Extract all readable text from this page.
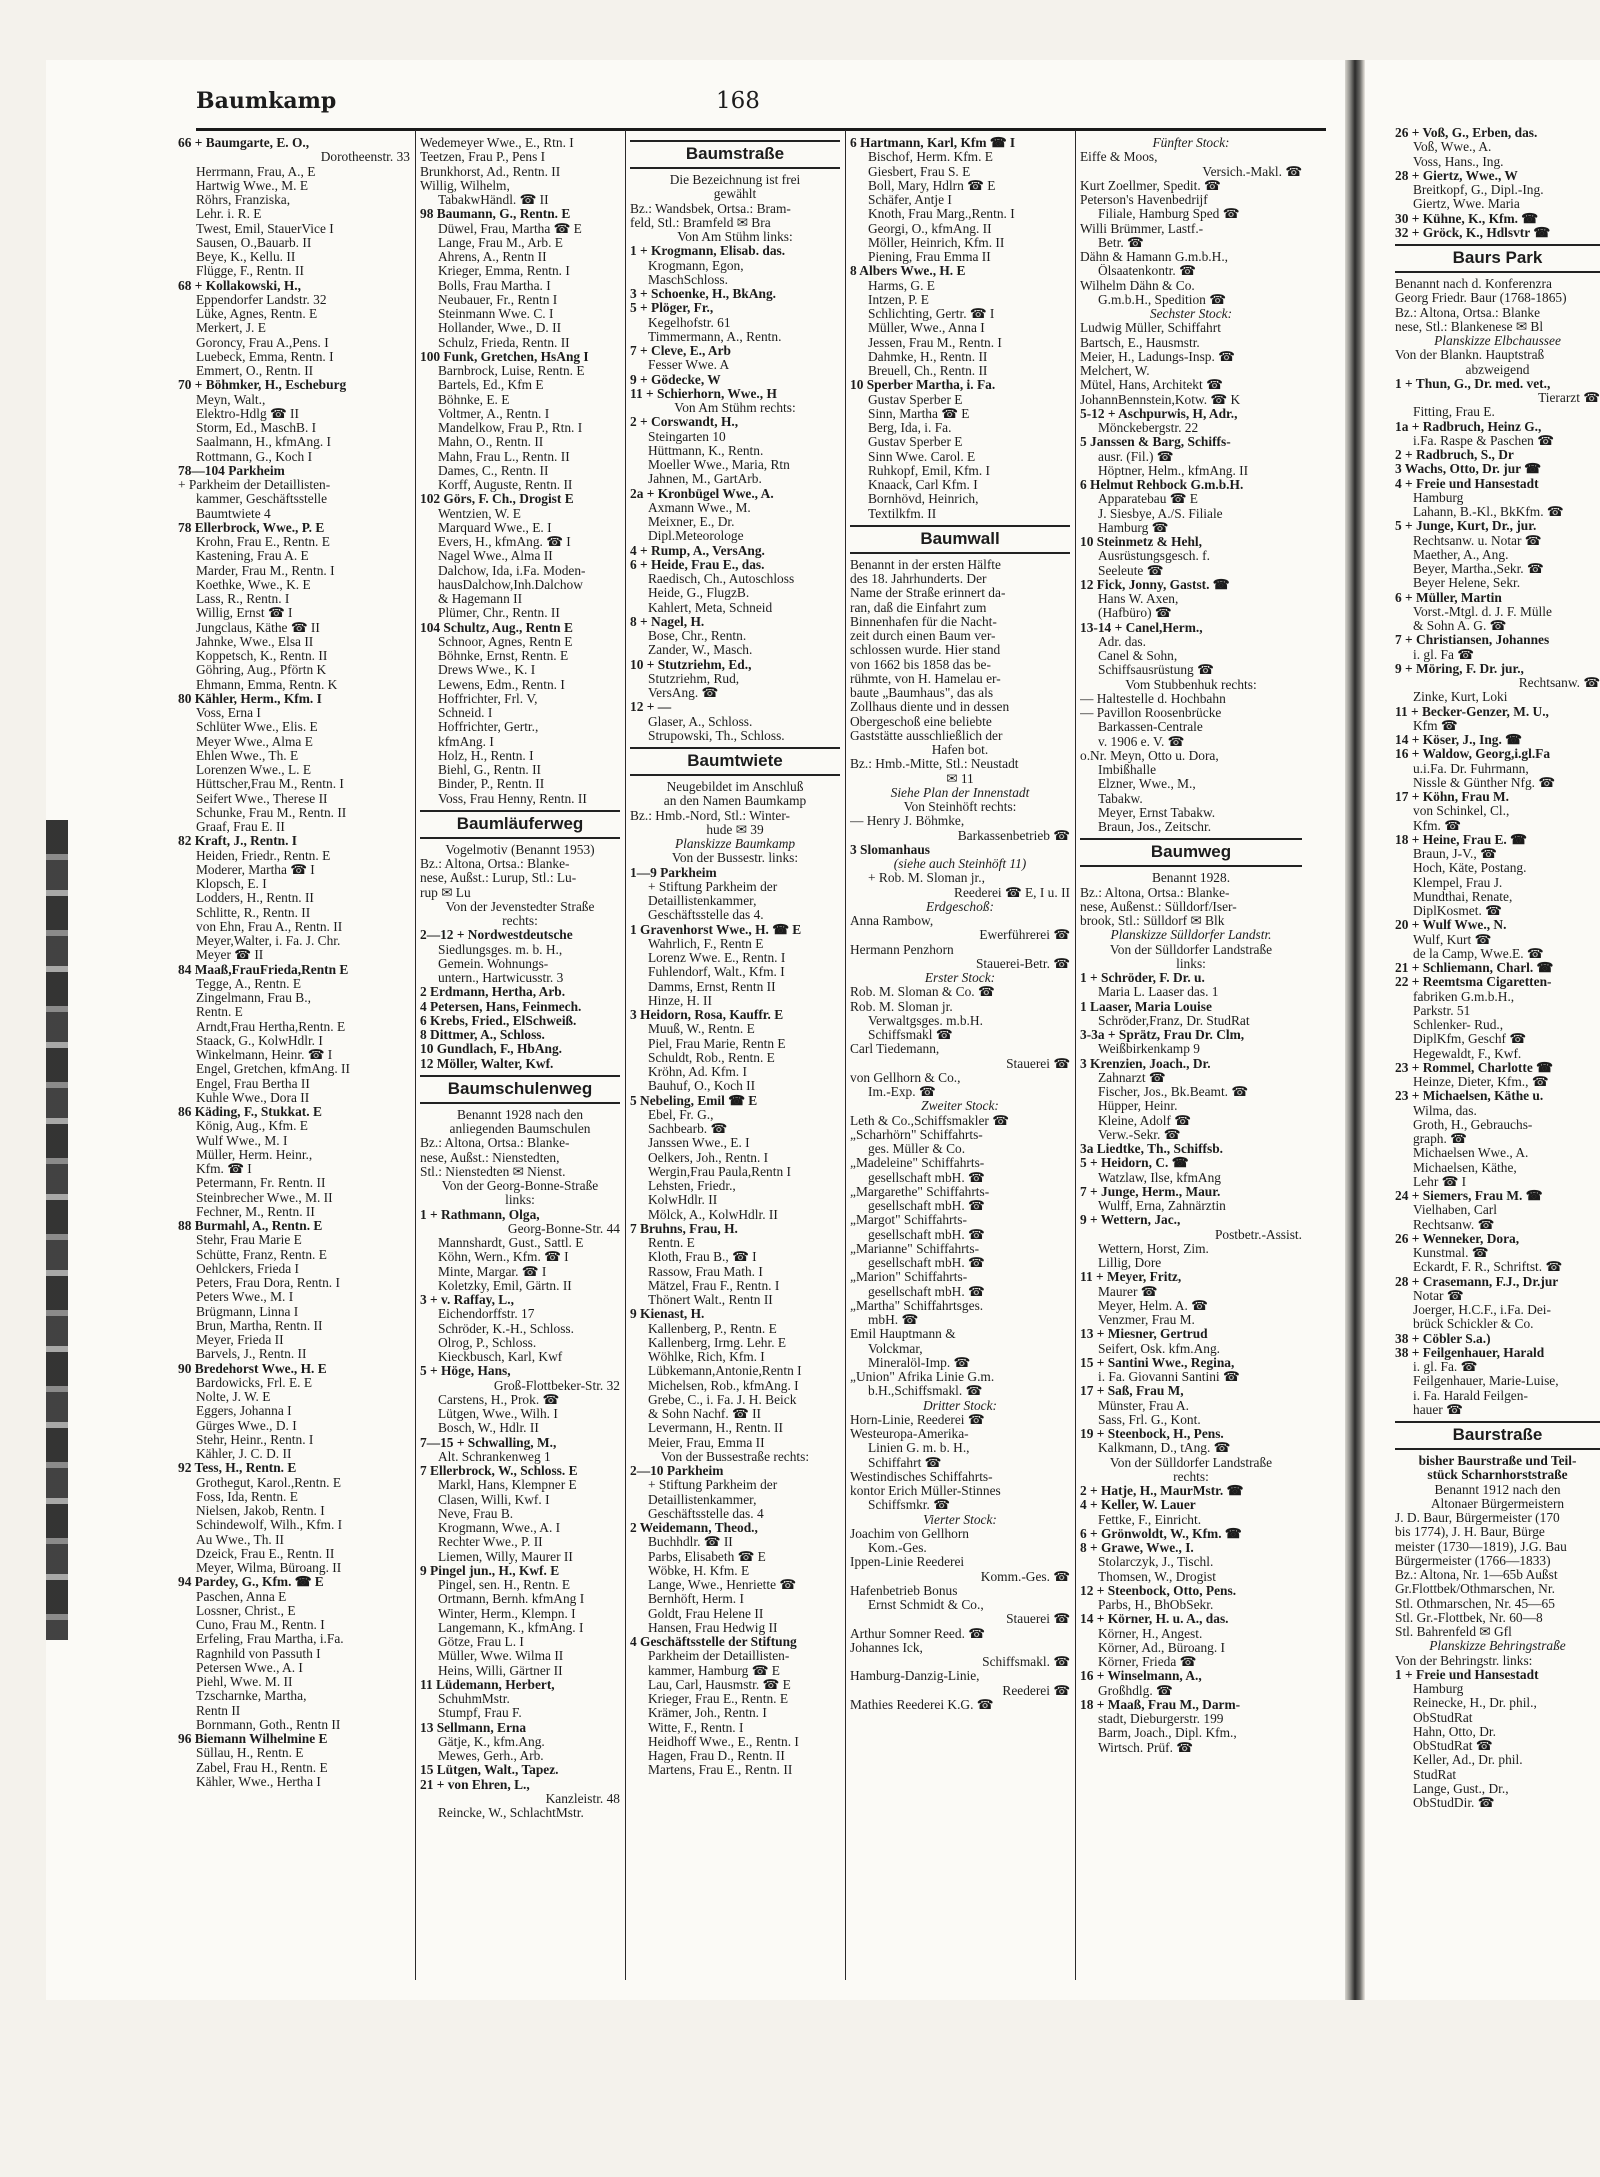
Baumkamp	168
66 + Baumgarte, E. O.,
Dorotheenstr. 33
Herrmann, Frau, A., E
Hartwig Wwe., M. E
Röhrs, Franziska,
Lehr. i. R. E
Twest, Emil, StauerVice I
Sausen, O.,Bauarb. II
Beye, K., Kellu. II
Flügge, F., Rentn. II
68 + Kollakowski, H.,
Eppendorfer Landstr. 32
Lüke, Agnes, Rentn. E
Merkert, J. E
Goroncy, Frau A.,Pens. I
Luebeck, Emma, Rentn. I
Emmert, O., Rentn. II
70 + Böhmker, H., Escheburg
Meyn, Walt.,
Elektro-Hdlg ☎ II
Storm, Ed., MaschB. I
Saalmann, H., kfmAng. I
Rottmann, G., Koch I
78—104 Parkheim
+ Parkheim der Detaillisten-
kammer, Geschäftsstelle
Baumtwiete 4
78 Ellerbrock, Wwe., P. E
Krohn, Frau E., Rentn. E
Kastening, Frau A. E
Marder, Frau M., Rentn. I
Koethke, Wwe., K. E
Lass, R., Rentn. I
Willig, Ernst ☎ I
Jungclaus, Käthe ☎ II
Jahnke, Wwe., Elsa II
Koppetsch, K., Rentn. II
Göhring, Aug., Pförtn K
Ehmann, Emma, Rentn. K
80 Kähler, Herm., Kfm. I
Voss, Erna I
Schlüter Wwe., Elis. E
Meyer Wwe., Alma E
Ehlen Wwe., Th. E
Lorenzen Wwe., L. E
Hüttscher,Frau M., Rentn. I
Seifert Wwe., Therese II
Schunke, Frau M., Rentn. II
Graaf, Frau E. II
82 Kraft, J., Rentn. I
Heiden, Friedr., Rentn. E
Moderer, Martha ☎ I
Klopsch, E. I
Lodders, H., Rentn. II
Schlitte, R., Rentn. II
von Ehn, Frau A., Rentn. II
Meyer,Walter, i. Fa. J. Chr.
Meyer ☎ II
84 Maaß,FrauFrieda,Rentn E
Tegge, A., Rentn. E
Zingelmann, Frau B.,
Rentn. E
Arndt,Frau Hertha,Rentn. E
Staack, G., KolwHdlr. I
Winkelmann, Heinr. ☎ I
Engel, Gretchen, kfmAng. II
Engel, Frau Bertha II
Kuhle Wwe., Dora II
86 Käding, F., Stukkat. E
König, Aug., Kfm. E
Wulf Wwe., M. I
Müller, Herm. Heinr.,
Kfm. ☎ I
Petermann, Fr. Rentn. II
Steinbrecher Wwe., M. II
Fechner, M., Rentn. II
88 Burmahl, A., Rentn. E
Stehr, Frau Marie E
Schütte, Franz, Rentn. E
Oehlckers, Frieda I
Peters, Frau Dora, Rentn. I
Peters Wwe., M. I
Brügmann, Linna I
Brun, Martha, Rentn. II
Meyer, Frieda II
Barvels, J., Rentn. II
90 Bredehorst Wwe., H. E
Bardowicks, Frl. E. E
Nolte, J. W. E
Eggers, Johanna I
Gürges Wwe., D. I
Stehr, Heinr., Rentn. I
Kähler, J. C. D. II
92 Tess, H., Rentn. E
Grothegut, Karol.,Rentn. E
Foss, Ida, Rentn. E
Nielsen, Jakob, Rentn. I
Schindewolf, Wilh., Kfm. I
Au Wwe., Th. II
Dzeick, Frau E., Rentn. II
Meyer, Wilma, Büroang. II
94 Pardey, G., Kfm. ☎ E
Paschen, Anna E
Lossner, Christ., E
Cuno, Frau M., Rentn. I
Erfeling, Frau Martha, i.Fa.
Ragnhild von Passuth I
Petersen Wwe., A. I
Piehl, Wwe. M. II
Tzscharnke, Martha,
Rentn II
Bornmann, Goth., Rentn II
96 Biemann Wilhelmine E
Süllau, H., Rentn. E
Zabel, Frau H., Rentn. E
Kähler, Wwe., Hertha I
Wedemeyer Wwe., E., Rtn. I
Teetzen, Frau P., Pens I
Brunkhorst, Ad., Rentn. II
Willig, Wilhelm,
TabakwHändl. ☎ II
98 Baumann, G., Rentn. E
Düwel, Frau, Martha ☎ E
Lange, Frau M., Arb. E
Ahrens, A., Rentn II
Krieger, Emma, Rentn. I
Bolls, Frau Martha. I
Neubauer, Fr., Rentn I
Steinmann Wwe. C. I
Hollander, Wwe., D. II
Schulz, Frieda, Rentn. II
100 Funk, Gretchen, HsAng I
Barnbrock, Luise, Rentn. E
Bartels, Ed., Kfm E
Böhnke, E. E
Voltmer, A., Rentn. I
Mandelkow, Frau P., Rtn. I
Mahn, O., Rentn. II
Mahn, Frau L., Rentn. II
Dames, C., Rentn. II
Korff, Auguste, Rentn. II
102 Görs, F. Ch., Drogist E
Wentzien, W. E
Marquard Wwe., E. I
Evers, H., kfmAng. ☎ I
Nagel Wwe., Alma II
Dalchow, Ida, i.Fa. Moden-
hausDalchow,Inh.Dalchow
& Hagemann II
Plümer, Chr., Rentn. II
104 Schultz, Aug., Rentn E
Schnoor, Agnes, Rentn E
Böhnke, Ernst, Rentn. E
Drews Wwe., K. I
Lewens, Edm., Rentn. I
Hoffrichter, Frl. V,
Schneid. I
Hoffrichter, Gertr.,
kfmAng. I
Holz, H., Rentn. I
Biehl, G., Rentn. II
Binder, P., Rentn. II
Voss, Frau Henny, Rentn. II
Baumläuferweg
Vogelmotiv (Benannt 1953)
Bz.: Altona, Ortsa.: Blanke-
nese, Außst.: Lurup, Stl.: Lu-
rup ✉ Lu
Von der Jevenstedter Straße
rechts:
2—12 + Nordwestdeutsche
Siedlungsges. m. b. H.,
Gemein. Wohnungs-
untern., Hartwicusstr. 3
2 Erdmann, Hertha, Arb.
4 Petersen, Hans, Feinmech.
6 Krebs, Fried., ElSchweiß.
8 Dittmer, A., Schloss.
10 Gundlach, F., HbAng.
12 Möller, Walter, Kwf.
Baumschulenweg
Benannt 1928 nach den
anliegenden Baumschulen
Bz.: Altona, Ortsa.: Blanke-
nese, Außst.: Nienstedten,
Stl.: Nienstedten ✉ Nienst.
Von der Georg-Bonne-Straße
links:
1 + Rathmann, Olga,
Georg-Bonne-Str. 44
Mannshardt, Gust., Sattl. E
Köhn, Wern., Kfm. ☎ I
Minte, Margar. ☎ I
Koletzky, Emil, Gärtn. II
3 + v. Raffay, L.,
Eichendorffstr. 17
Schröder, K.-H., Schloss.
Olrog, P., Schloss.
Kieckbusch, Karl, Kwf
5 + Höge, Hans,
Groß-Flottbeker-Str. 32
Carstens, H., Prok. ☎
Lütgen, Wwe., Wilh. I
Bosch, W., Hdlr. II
7—15 + Schwalling, M.,
Alt. Schrankenweg 1
7 Ellerbrock, W., Schloss. E
Markl, Hans, Klempner E
Clasen, Willi, Kwf. I
Neve, Frau B.
Krogmann, Wwe., A. I
Rechter Wwe., P. II
Liemen, Willy, Maurer II
9 Pingel jun., H., Kwf. E
Pingel, sen. H., Rentn. E
Ortmann, Bernh. kfmAng I
Winter, Herm., Klempn. I
Langemann, K., kfmAng. I
Götze, Frau L. I
Müller, Wwe. Wilma II
Heins, Willi, Gärtner II
11 Lüdemann, Herbert,
SchuhmMstr.
Stumpf, Frau F.
13 Sellmann, Erna
Gätje, K., kfm.Ang.
Mewes, Gerh., Arb.
15 Lütgen, Walt., Tapez.
21 + von Ehren, L.,
Kanzleistr. 48
Reincke, W., SchlachtMstr.
Baumstraße
Die Bezeichnung ist frei
gewählt
Bz.: Wandsbek, Ortsa.: Bram-
feld, Stl.: Bramfeld ✉ Bra
Von Am Stühm links:
1 + Krogmann, Elisab. das.
Krogmann, Egon,
MaschSchloss.
3 + Schoenke, H., BkAng.
5 + Plöger, Fr.,
Kegelhofstr. 61
Timmermann, A., Rentn.
7 + Cleve, E., Arb
Fesser Wwe. A
9 + Gödecke, W
11 + Schierhorn, Wwe., H
Von Am Stühm rechts:
2 + Corswandt, H.,
Steingarten 10
Hüttmann, K., Rentn.
Moeller Wwe., Maria, Rtn
Jahnen, M., GartArb.
2a + Kronbügel Wwe., A.
Axmann Wwe., M.
Meixner, E., Dr.
Dipl.Meteorologe
4 + Rump, A., VersAng.
6 + Heide, Frau E., das.
Raedisch, Ch., Autoschloss
Heide, G., FlugzB.
Kahlert, Meta, Schneid
8 + Nagel, H.
Bose, Chr., Rentn.
Zander, W., Masch.
10 + Stutzriehm, Ed.,
Stutzriehm, Rud,
VersAng. ☎
12 + —
Glaser, A., Schloss.
Strupowski, Th., Schloss.
Baumtwiete
Neugebildet im Anschluß
an den Namen Baumkamp
Bz.: Hmb.-Nord, Stl.: Winter-
hude ✉ 39
Planskizze Baumkamp
Von der Bussestr. links:
1—9 Parkheim
+ Stiftung Parkheim der
Detaillistenkammer,
Geschäftsstelle das 4.
1 Gravenhorst Wwe., H. ☎ E
Wahrlich, F., Rentn E
Lorenz Wwe. E., Rentn. I
Fuhlendorf, Walt., Kfm. I
Damms, Ernst, Rentn II
Hinze, H. II
3 Heidorn, Rosa, Kauffr. E
Muuß, W., Rentn. E
Piel, Frau Marie, Rentn E
Schuldt, Rob., Rentn. E
Kröhn, Ad. Kfm. I
Bauhuf, O., Koch II
5 Nebeling, Emil ☎ E
Ebel, Fr. G.,
Sachbearb. ☎
Janssen Wwe., E. I
Oelkers, Joh., Rentn. I
Wergin,Frau Paula,Rentn I
Lehsten, Friedr.,
KolwHdlr. II
Mölck, A., KolwHdlr. II
7 Bruhns, Frau, H.
Rentn. E
Kloth, Frau B., ☎ I
Rassow, Frau Math. I
Mätzel, Frau F., Rentn. I
Thönert Walt., Rentn II
9 Kienast, H.
Kallenberg, P., Rentn. E
Kallenberg, Irmg. Lehr. E
Wöhlke, Rich, Kfm. I
Lübkemann,Antonie,Rentn I
Michelsen, Rob., kfmAng. I
Grebe, C., i. Fa. J. H. Beick
& Sohn Nachf. ☎ II
Levermann, H., Rentn. II
Meier, Frau, Emma II
Von der Bussestraße rechts:
2—10 Parkheim
+ Stiftung Parkheim der
Detaillistenkammer,
Geschäftsstelle das. 4
2 Weidemann, Theod.,
Buchhdlr. ☎ II
Parbs, Elisabeth ☎ E
Wöbke, H. Kfm. E
Lange, Wwe., Henriette ☎
Bernhöft, Herm. I
Goldt, Frau Helene II
Hansen, Frau Hedwig II
4 Geschäftsstelle der Stiftung
Parkheim der Detaillisten-
kammer, Hamburg ☎ E
Lau, Carl, Hausmstr. ☎ E
Krieger, Frau E., Rentn. E
Krämer, Joh., Rentn. I
Witte, F., Rentn. I
Heidhoff Wwe., E., Rentn. I
Hagen, Frau D., Rentn. II
Martens, Frau E., Rentn. II
6 Hartmann, Karl, Kfm ☎ I
Bischof, Herm. Kfm. E
Giesbert, Frau S. E
Boll, Mary, Hdlrn ☎ E
Schäfer, Antje I
Knoth, Frau Marg.,Rentn. I
Georgi, O., kfmAng. II
Möller, Heinrich, Kfm. II
Piening, Frau Emma II
8 Albers Wwe., H. E
Harms, G. E
Intzen, P. E
Schlichting, Gertr. ☎ I
Müller, Wwe., Anna I
Jessen, Frau M., Rentn. I
Dahmke, H., Rentn. II
Breuell, Ch., Rentn. II
10 Sperber Martha, i. Fa.
Gustav Sperber E
Sinn, Martha ☎ E
Berg, Ida, i. Fa.
Gustav Sperber E
Sinn Wwe. Carol. E
Ruhkopf, Emil, Kfm. I
Knaack, Carl Kfm. I
Bornhövd, Heinrich,
Textilkfm. II
Baumwall
Benannt in der ersten Hälfte
des 18. Jahrhunderts. Der
Name der Straße erinnert da-
ran, daß die Einfahrt zum
Binnenhafen für die Nacht-
zeit durch einen Baum ver-
schlossen wurde. Hier stand
von 1662 bis 1858 das be-
rühmte, von H. Hamelau er-
baute „Baumhaus", das als
Zollhaus diente und in dessen
Obergeschoß eine beliebte
Gaststätte ausschließlich der
Hafen bot.
Bz.: Hmb.-Mitte, Stl.: Neustadt
✉ 11
Siehe Plan der Innenstadt
Von Steinhöft rechts:
— Henry J. Böhmke,
Barkassenbetrieb ☎
3 Slomanhaus
(siehe auch Steinhöft 11)
+ Rob. M. Sloman jr.,
Reederei ☎ E, I u. II
Erdgeschoß:
Anna Rambow,
Ewerführerei ☎
Hermann Penzhorn
Stauerei-Betr. ☎
Erster Stock:
Rob. M. Sloman & Co. ☎
Rob. M. Sloman jr.
Verwaltgsges. m.b.H.
Schiffsmakl ☎
Carl Tiedemann,
Stauerei ☎
von Gellhorn & Co.,
Im.-Exp. ☎
Zweiter Stock:
Leth & Co.,Schiffsmakler ☎
„Scharhörn" Schiffahrts-
ges. Müller & Co.
„Madeleine" Schiffahrts-
gesellschaft mbH. ☎
„Margarethe" Schiffahrts-
gesellschaft mbH. ☎
„Margot" Schiffahrts-
gesellschaft mbH. ☎
„Marianne" Schiffahrts-
gesellschaft mbH. ☎
„Marion" Schiffahrts-
gesellschaft mbH. ☎
„Martha" Schiffahrtsges.
mbH. ☎
Emil Hauptmann &
Volckmar,
Mineralöl-Imp. ☎
„Union" Afrika Linie G.m.
b.H.,Schiffsmakl. ☎
Dritter Stock:
Horn-Linie, Reederei ☎
Westeuropa-Amerika-
Linien G. m. b. H.,
Schiffahrt ☎
Westindisches Schiffahrts-
kontor Erich Müller-Stinnes
Schiffsmkr. ☎
Vierter Stock:
Joachim von Gellhorn
Kom.-Ges.
Ippen-Linie Reederei
Komm.-Ges. ☎
Hafenbetrieb Bonus
Ernst Schmidt & Co.,
Stauerei ☎
Arthur Somner Reed. ☎
Johannes Ick,
Schiffsmakl. ☎
Hamburg-Danzig-Linie,
Reederei ☎
Mathies Reederei K.G. ☎
Fünfter Stock:
Eiffe & Moos,
Versich.-Makl. ☎
Kurt Zoellmer, Spedit. ☎
Peterson's Havenbedrijf
Filiale, Hamburg Sped ☎
Willi Brümmer, Lastf.-
Betr. ☎
Dähn & Hamann G.m.b.H.,
Ölsaatenkontr. ☎
Wilhelm Dähn & Co.
G.m.b.H., Spedition ☎
Sechster Stock:
Ludwig Müller, Schiffahrt
Bartsch, E., Hausmstr.
Meier, H., Ladungs-Insp. ☎
Melchert, W.
Mütel, Hans, Architekt ☎
JohannBennstein,Kotw. ☎ K
5-12 + Aschpurwis, H, Adr.,
Mönckebergstr. 22
5 Janssen & Barg, Schiffs-
ausr. (Fil.) ☎
Höptner, Helm., kfmAng. II
6 Helmut Rehbock G.m.b.H.
Apparatebau ☎ E
J. Siesbye, A./S. Filiale
Hamburg ☎
10 Steinmetz & Hehl,
Ausrüstungsgesch. f.
Seeleute ☎
12 Fick, Jonny, Gastst. ☎
Hans W. Axen,
(Hafbüro) ☎
13-14 + Canel,Herm.,
Adr. das.
Canel & Sohn,
Schiffsausrüstung ☎
Vom Stubbenhuk rechts:
— Haltestelle d. Hochbahn
— Pavillon Roosenbrücke
Barkassen-Centrale
v. 1906 e. V. ☎
o.Nr. Meyn, Otto u. Dora,
Imbißhalle
Elzner, Wwe., M.,
Tabakw.
Meyer, Ernst Tabakw.
Braun, Jos., Zeitschr.
Baumweg
Benannt 1928.
Bz.: Altona, Ortsa.: Blanke-
nese, Außenst.: Sülldorf/Iser-
brook, Stl.: Sülldorf ✉ Blk
Planskizze Sülldorfer Landstr.
Von der Sülldorfer Landstraße
links:
1 + Schröder, F. Dr. u.
Maria L. Laaser das. 1
1 Laaser, Maria Louise
Schröder,Franz, Dr. StudRat
3-3a + Sprätz, Frau Dr. Clm,
Weißbirkenkamp 9
3 Krenzien, Joach., Dr.
Zahnarzt ☎
Fischer, Jos., Bk.Beamt. ☎
Hüpper, Heinr.
Kleine, Adolf ☎
Verw.-Sekr. ☎
3a Liedtke, Th., Schiffsb.
5 + Heidorn, C. ☎
Watzlaw, Ilse, kfmAng
7 + Junge, Herm., Maur.
Wulff, Erna, Zahnärztin
9 + Wettern, Jac.,
Postbetr.-Assist.
Wettern, Horst, Zim.
Lillig, Dore
11 + Meyer, Fritz,
Maurer ☎
Meyer, Helm. A. ☎
Venzmer, Frau M.
13 + Miesner, Gertrud
Seifert, Osk. kfm.Ang.
15 + Santini Wwe., Regina,
i. Fa. Giovanni Santini ☎
17 + Saß, Frau M,
Münster, Frau A.
Sass, Frl. G., Kont.
19 + Steenbock, H., Pens.
Kalkmann, D., tAng. ☎
Von der Sülldorfer Landstraße
rechts:
2 + Hatje, H., MaurMstr. ☎
4 + Keller, W. Lauer
Fettke, F., Einricht.
6 + Grönwoldt, W., Kfm. ☎
8 + Grawe, Wwe., I.
Stolarczyk, J., Tischl.
Thomsen, W., Drogist
12 + Steenbock, Otto, Pens.
Parbs, H., BhObSekr.
14 + Körner, H. u. A., das.
Körner, H., Angest.
Körner, Ad., Büroang. I
Körner, Frieda ☎
16 + Winselmann, A.,
Großhdlg. ☎
18 + Maaß, Frau M., Darm-
stadt, Dieburgerstr. 199
Barm, Joach., Dipl. Kfm.,
Wirtsch. Prüf. ☎
26 + Voß, G., Erben, das.
Voß, Wwe., A.
Voss, Hans., Ing.
28 + Giertz, Wwe., W
Breitkopf, G., Dipl.-Ing.
Giertz, Wwe. Maria
30 + Kühne, K., Kfm. ☎
32 + Gröck, K., Hdlsvtr ☎
Baurs Park
Benannt nach d. Konferenzra
Georg Friedr. Baur (1768-1865)
Bz.: Altona, Ortsa.: Blanke
nese, Stl.: Blankenese ✉ Bl
Planskizze Elbchaussee
Von der Blankn. Hauptstraß
abzweigend
1 + Thun, G., Dr. med. vet.,
Tierarzt ☎
Fitting, Frau E.
1a + Radbruch, Heinz G.,
i.Fa. Raspe & Paschen ☎
2 + Radbruch, S., Dr
3 Wachs, Otto, Dr. jur ☎
4 + Freie und Hansestadt
Hamburg
Lahann, B.-Kl., BkKfm. ☎
5 + Junge, Kurt, Dr., jur.
Rechtsanw. u. Notar ☎
Maether, A., Ang.
Beyer, Martha.,Sekr. ☎
Beyer Helene, Sekr.
6 + Müller, Martin
Vorst.-Mtgl. d. J. F. Mülle
& Sohn A. G. ☎
7 + Christiansen, Johannes
i. gl. Fa ☎
9 + Möring, F. Dr. jur.,
Rechtsanw. ☎
Zinke, Kurt, Loki
11 + Becker-Genzer, M. U.,
Kfm ☎
14 + Köser, J., Ing. ☎
16 + Waldow, Georg,i.gl.Fa
u.i.Fa. Dr. Fuhrmann,
Nissle & Günther Nfg. ☎
17 + Köhn, Frau M.
von Schinkel, Cl.,
Kfm. ☎
18 + Heine, Frau E. ☎
Braun, J-V., ☎
Hoch, Käte, Postang.
Klempel, Frau J.
Mundthai, Renate,
DiplKosmet. ☎
20 + Wulf Wwe., N.
Wulf, Kurt ☎
de la Camp, Wwe.E. ☎
21 + Schliemann, Charl. ☎
22 + Reemtsma Cigaretten-
fabriken G.m.b.H.,
Parkstr. 51
Schlenker- Rud.,
DiplKfm, Geschf ☎
Hegewaldt, F., Kwf.
23 + Rommel, Charlotte ☎
Heinze, Dieter, Kfm., ☎
23 + Michaelsen, Käthe u.
Wilma, das.
Groth, H., Gebrauchs-
graph. ☎
Michaelsen Wwe., A.
Michaelsen, Käthe,
Lehr ☎ I
24 + Siemers, Frau M. ☎
Vielhaben, Carl
Rechtsanw. ☎
26 + Wenneker, Dora,
Kunstmal. ☎
Eckardt, F. R., Schriftst. ☎
28 + Crasemann, F.J., Dr.jur
Notar ☎
Joerger, H.C.F., i.Fa. Dei-
brück Schickler & Co.
38 + Cöbler S.a.)
38 + Feilgenhauer, Harald
i. gl. Fa. ☎
Feilgenhauer, Marie-Luise,
i. Fa. Harald Feilgen-
hauer ☎
Baurstraße
bisher Baurstraße und Teil-
stück Scharnhorststraße
Benannt 1912 nach den
Altonaer Bürgermeistern
J. D. Baur, Bürgermeister (170
bis 1774), J. H. Baur, Bürge
meister (1730—1819), J.G. Bau
Bürgermeister (1766—1833)
Bz.: Altona, Nr. 1—65b Außst
Gr.Flottbek/Othmarschen, Nr.
Stl. Othmarschen, Nr. 45—65
Stl. Gr.-Flottbek, Nr. 60—8
Stl. Bahrenfeld ✉ Gfl
Planskizze Behringstraße
Von der Behringstr. links:
1 + Freie und Hansestadt
Hamburg
Reinecke, H., Dr. phil.,
ObStudRat
Hahn, Otto, Dr.
ObStudRat ☎
Keller, Ad., Dr. phil.
StudRat
Lange, Gust., Dr.,
ObStudDir. ☎
